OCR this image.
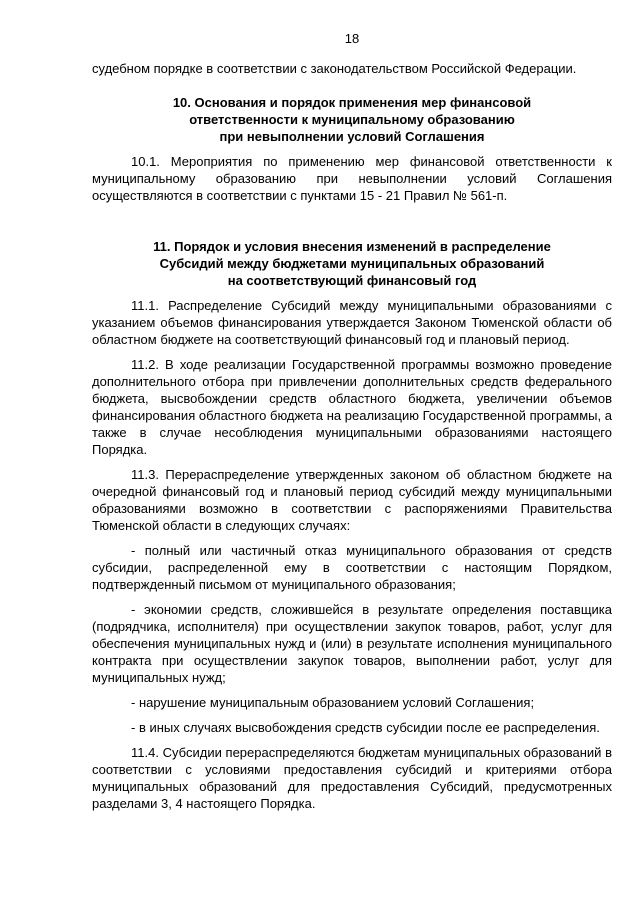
18

судебном порядке в соответствии с законодательством Российской Федерации.

10. Основания и порядок применения мер финансовой

ответственности к муниципальному образованию

при невыполнении условий Соглашения

10.1. Мероприятия по применению мер финансовой ответственности к муниципальному образованию при невыполнении условий Соглашения осуществляются в соответствии с пунктами 15 - 21 Правил № 561-п.

11. Порядок и условия внесения изменений в распределение

Субсидий между бюджетами муниципальных образований

на соответствующий финансовый год

11.1. Распределение Субсидий между муниципальными образованиями с указанием объемов финансирования утверждается Законом Тюменской области об областном бюджете на соответствующий финансовый год и плановый период.

11.2. В ходе реализации Государственной программы возможно проведение дополнительного отбора при привлечении дополнительных средств федерального бюджета, высвобождении средств областного бюджета, увеличении объемов финансирования областного бюджета на реализацию Государственной программы, а также в случае несоблюдения муниципальными образованиями настоящего Порядка.

11.3. Перераспределение утвержденных законом об областном бюджете на очередной финансовый год и плановый период субсидий между муниципальными образованиями возможно в соответствии с распоряжениями Правительства Тюменской области в следующих случаях:

- полный или частичный отказ муниципального образования от средств субсидии, распределенной ему в соответствии с настоящим Порядком, подтвержденный письмом от муниципального образования;

- экономии средств, сложившейся в результате определения поставщика (подрядчика, исполнителя) при осуществлении закупок товаров, работ, услуг для обеспечения муниципальных нужд и (или) в результате исполнения муниципального контракта при осуществлении закупок товаров, выполнении работ, услуг для муниципальных нужд;

- нарушение муниципальным образованием условий Соглашения;

- в иных случаях высвобождения средств субсидии после ее распределения.

11.4. Субсидии перераспределяются бюджетам муниципальных образований в соответствии с условиями предоставления субсидий и критериями отбора муниципальных образований для предоставления Субсидий, предусмотренных разделами 3, 4 настоящего Порядка.
